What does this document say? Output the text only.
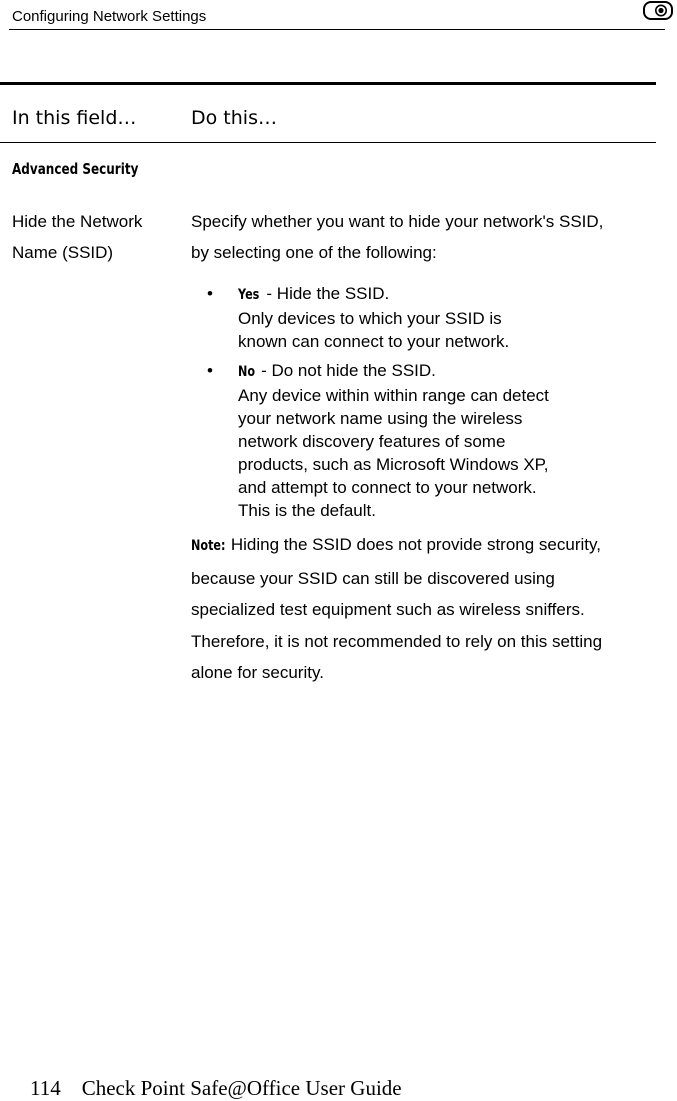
Configuring Network Settings
In this field…	Do this…
Advanced Security
Hide the Network
Name (SSID)
Specify whether you want to hide your network's SSID,
by selecting one of the following:
• Yes - Hide the SSID.
Only devices to which your SSID is
known can connect to your network.
• No - Do not hide the SSID.
Any device within within range can detect
your network name using the wireless
network discovery features of some
products, such as Microsoft Windows XP,
and attempt to connect to your network.
This is the default.
Note: Hiding the SSID does not provide strong security,
because your SSID can still be discovered using
specialized test equipment such as wireless sniffers.
Therefore, it is not recommended to rely on this setting
alone for security.
114 Check Point Safe@Office User Guide
